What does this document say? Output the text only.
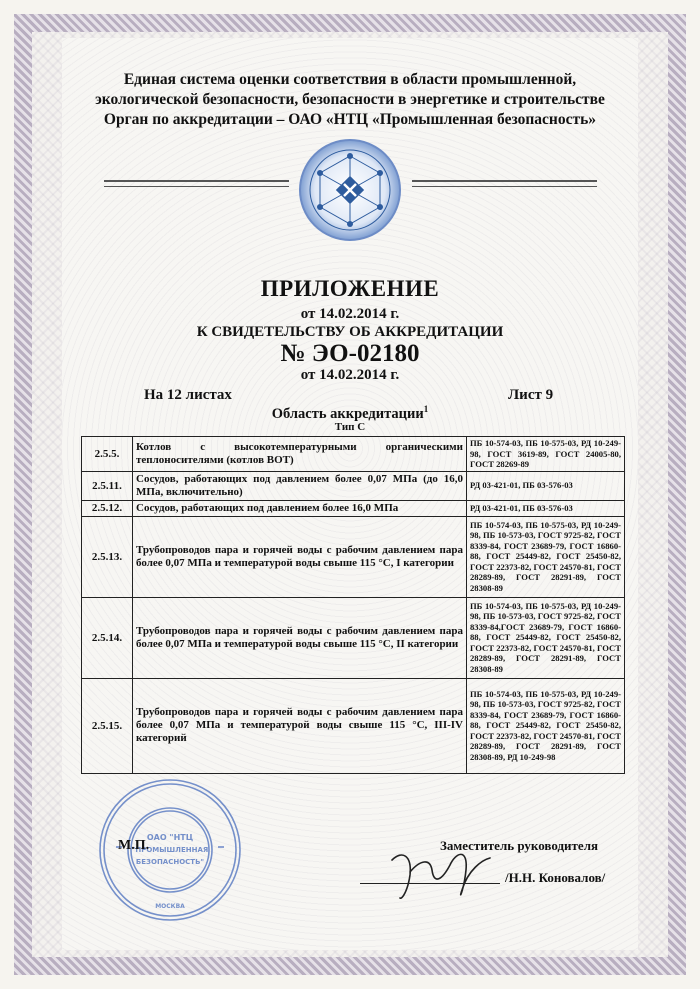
Единая система оценки соответствия в области промышленной,
экологической безопасности, безопасности в энергетике и строительстве
Орган по аккредитации – ОАО «НТЦ «Промышленная безопасность»
ПРИЛОЖЕНИЕ
от 14.02.2014 г.
К СВИДЕТЕЛЬСТВУ ОБ АККРЕДИТАЦИИ
№ ЭО-02180
от 14.02.2014 г.
На 12 листах	Лист 9
Область аккредитации$^1$
Тип С
2.5.5.	Котлов с высокотемпературными органическими теплоносителями (котлов ВОТ)	ПБ 10-574-03, ПБ 10-575-03, РД 10-249-98, ГОСТ 3619-89, ГОСТ 24005-80, ГОСТ 28269-89
2.5.11.	Сосудов, работающих под давлением более 0,07 МПа (до 16,0 МПа, включительно)	РД 03-421-01, ПБ 03-576-03
2.5.12.	Сосудов, работающих под давлением более 16,0 МПа	РД 03-421-01, ПБ 03-576-03
2.5.13.	Трубопроводов пара и горячей воды с рабочим давлением пара более 0,07 МПа и температурой воды свыше 115 °С, I категории	ПБ 10-574-03, ПБ 10-575-03, РД 10-249-98, ПБ 10-573-03, ГОСТ 9725-82, ГОСТ 8339-84, ГОСТ 23689-79, ГОСТ 16860-88, ГОСТ 25449-82, ГОСТ 25450-82, ГОСТ 22373-82, ГОСТ 24570-81, ГОСТ 28289-89, ГОСТ 28291-89, ГОСТ 28308-89
2.5.14.	Трубопроводов пара и горячей воды с рабочим давлением пара более 0,07 МПа и температурой воды свыше 115 °С, II категории	ПБ 10-574-03, ПБ 10-575-03, РД 10-249-98, ПБ 10-573-03, ГОСТ 9725-82, ГОСТ 8339-84,ГОСТ 23689-79, ГОСТ 16860-88, ГОСТ 25449-82, ГОСТ 25450-82, ГОСТ 22373-82, ГОСТ 24570-81, ГОСТ 28289-89, ГОСТ 28291-89, ГОСТ 28308-89
2.5.15.	Трубопроводов пара и горячей воды с рабочим давлением пара более 0,07 МПа и температурой воды свыше 115 °С, III-IV категорий	ПБ 10-574-03, ПБ 10-575-03, РД 10-249-98, ПБ 10-573-03, ГОСТ 9725-82, ГОСТ 8339-84, ГОСТ 23689-79, ГОСТ 16860-88, ГОСТ 25449-82, ГОСТ 25450-82, ГОСТ 22373-82, ГОСТ 24570-81, ГОСТ 28289-89, ГОСТ 28291-89, ГОСТ 28308-89, РД 10-249-98
ОАО "НТЦ
"ПРОМЫШЛЕННАЯ
БЕЗОПАСНОСТЬ"
МОСКВА
М.П.	Заместитель руководителя
/Н.Н. Коновалов/
